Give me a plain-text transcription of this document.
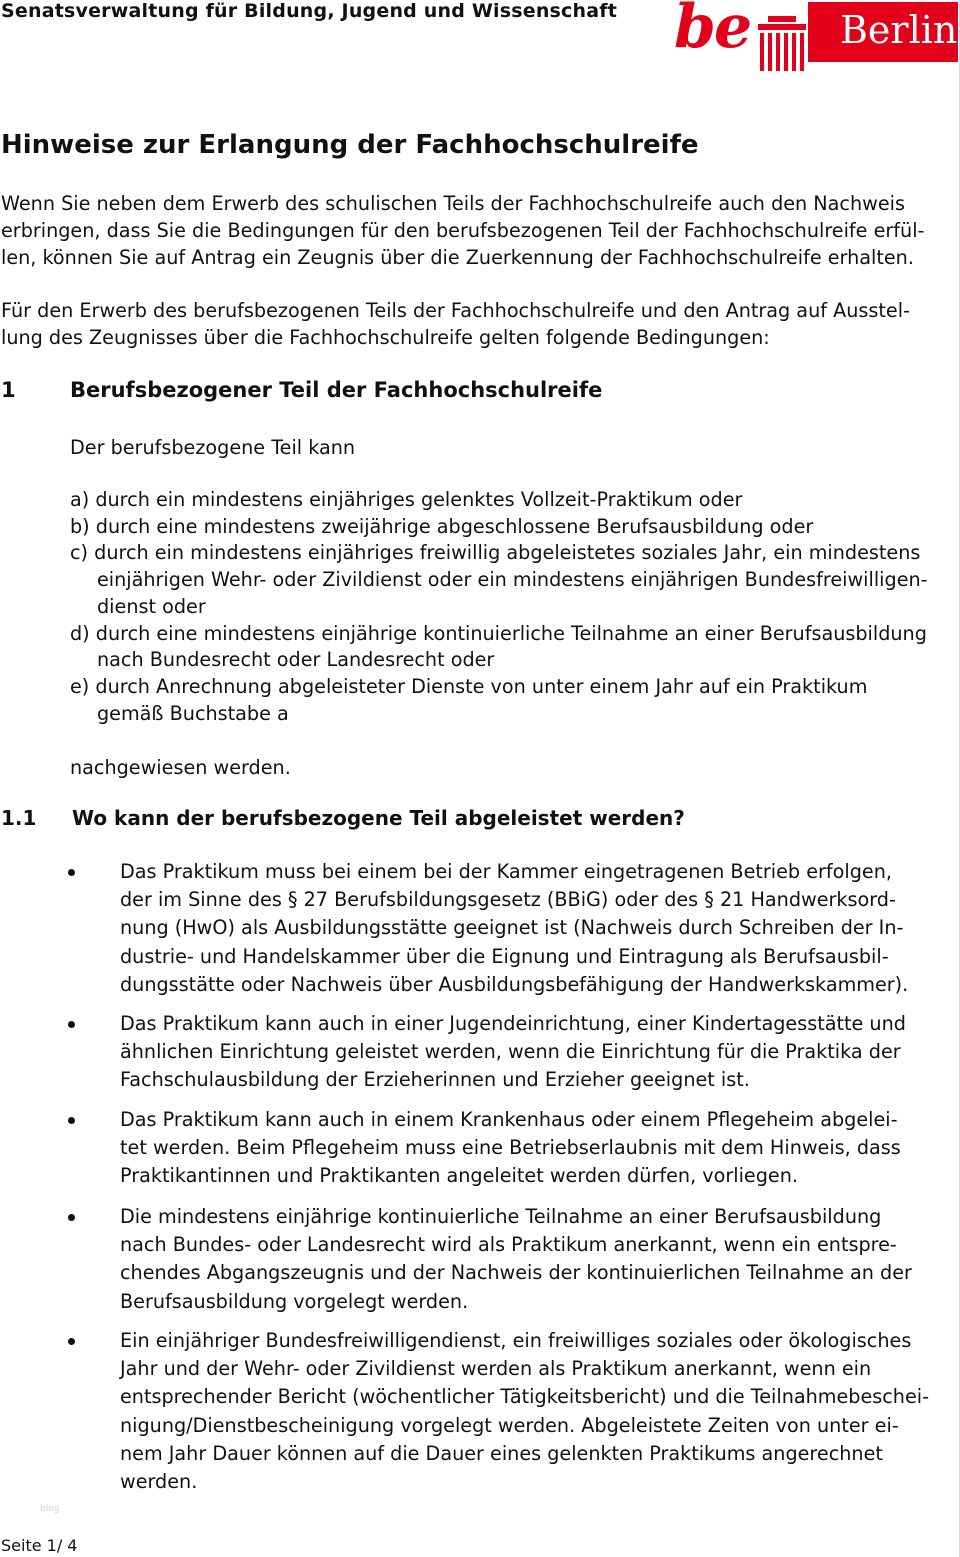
Senatsverwaltung für Bildung, Jugend und Wissenschaft be Berlin
Hinweise zur Erlangung der Fachhochschulreife
Wenn Sie neben dem Erwerb des schulischen Teils der Fachhochschulreife auch den Nachweis
erbringen, dass Sie die Bedingungen für den berufsbezogenen Teil der Fachhochschulreife erfül-
len, können Sie auf Antrag ein Zeugnis über die Zuerkennung der Fachhochschulreife erhalten.
Für den Erwerb des berufsbezogenen Teils der Fachhochschulreife und den Antrag auf Ausstel-
lung des Zeugnisses über die Fachhochschulreife gelten folgende Bedingungen:
1	Berufsbezogener Teil der Fachhochschulreife
Der berufsbezogene Teil kann
a) durch ein mindestens einjähriges gelenktes Vollzeit-Praktikum oder
b) durch eine mindestens zweijährige abgeschlossene Berufsausbildung oder
c) durch ein mindestens einjähriges freiwillig abgeleistetes soziales Jahr, ein mindestens
einjährigen Wehr- oder Zivildienst oder ein mindestens einjährigen Bundesfreiwilligen-
dienst oder
d) durch eine mindestens einjährige kontinuierliche Teilnahme an einer Berufsausbildung
nach Bundesrecht oder Landesrecht oder
e) durch Anrechnung abgeleisteter Dienste von unter einem Jahr auf ein Praktikum
gemäß Buchstabe a
nachgewiesen werden.
1.1 Wo kann der berufsbezogene Teil abgeleistet werden?
Das Praktikum muss bei einem bei der Kammer eingetragenen Betrieb erfolgen,
der im Sinne des § 27 Berufsbildungsgesetz (BBiG) oder des § 21 Handwerksord-
nung (HwO) als Ausbildungsstätte geeignet ist (Nachweis durch Schreiben der In-
dustrie- und Handelskammer über die Eignung und Eintragung als Berufsausbil-
dungsstätte oder Nachweis über Ausbildungsbefähigung der Handwerkskammer).
Das Praktikum kann auch in einer Jugendeinrichtung, einer Kindertagesstätte und
ähnlichen Einrichtung geleistet werden, wenn die Einrichtung für die Praktika der
Fachschulausbildung der Erzieherinnen und Erzieher geeignet ist.
Das Praktikum kann auch in einem Krankenhaus oder einem Pflegeheim abgelei-
tet werden. Beim Pflegeheim muss eine Betriebserlaubnis mit dem Hinweis, dass
Praktikantinnen und Praktikanten angeleitet werden dürfen, vorliegen.
Die mindestens einjährige kontinuierliche Teilnahme an einer Berufsausbildung
nach Bundes- oder Landesrecht wird als Praktikum anerkannt, wenn ein entspre-
chendes Abgangszeugnis und der Nachweis der kontinuierlichen Teilnahme an der
Berufsausbildung vorgelegt werden.
Ein einjähriger Bundesfreiwilligendienst, ein freiwilliges soziales oder ökologisches
Jahr und der Wehr- oder Zivildienst werden als Praktikum anerkannt, wenn ein
entsprechender Bericht (wöchentlicher Tätigkeitsbericht) und die Teilnahmebeschei-
nigung/Dienstbescheinigung vorgelegt werden. Abgeleistete Zeiten von unter ei-
nem Jahr Dauer können auf die Dauer eines gelenkten Praktikums angerechnet
werden.
blog
Seite 1/ 4
